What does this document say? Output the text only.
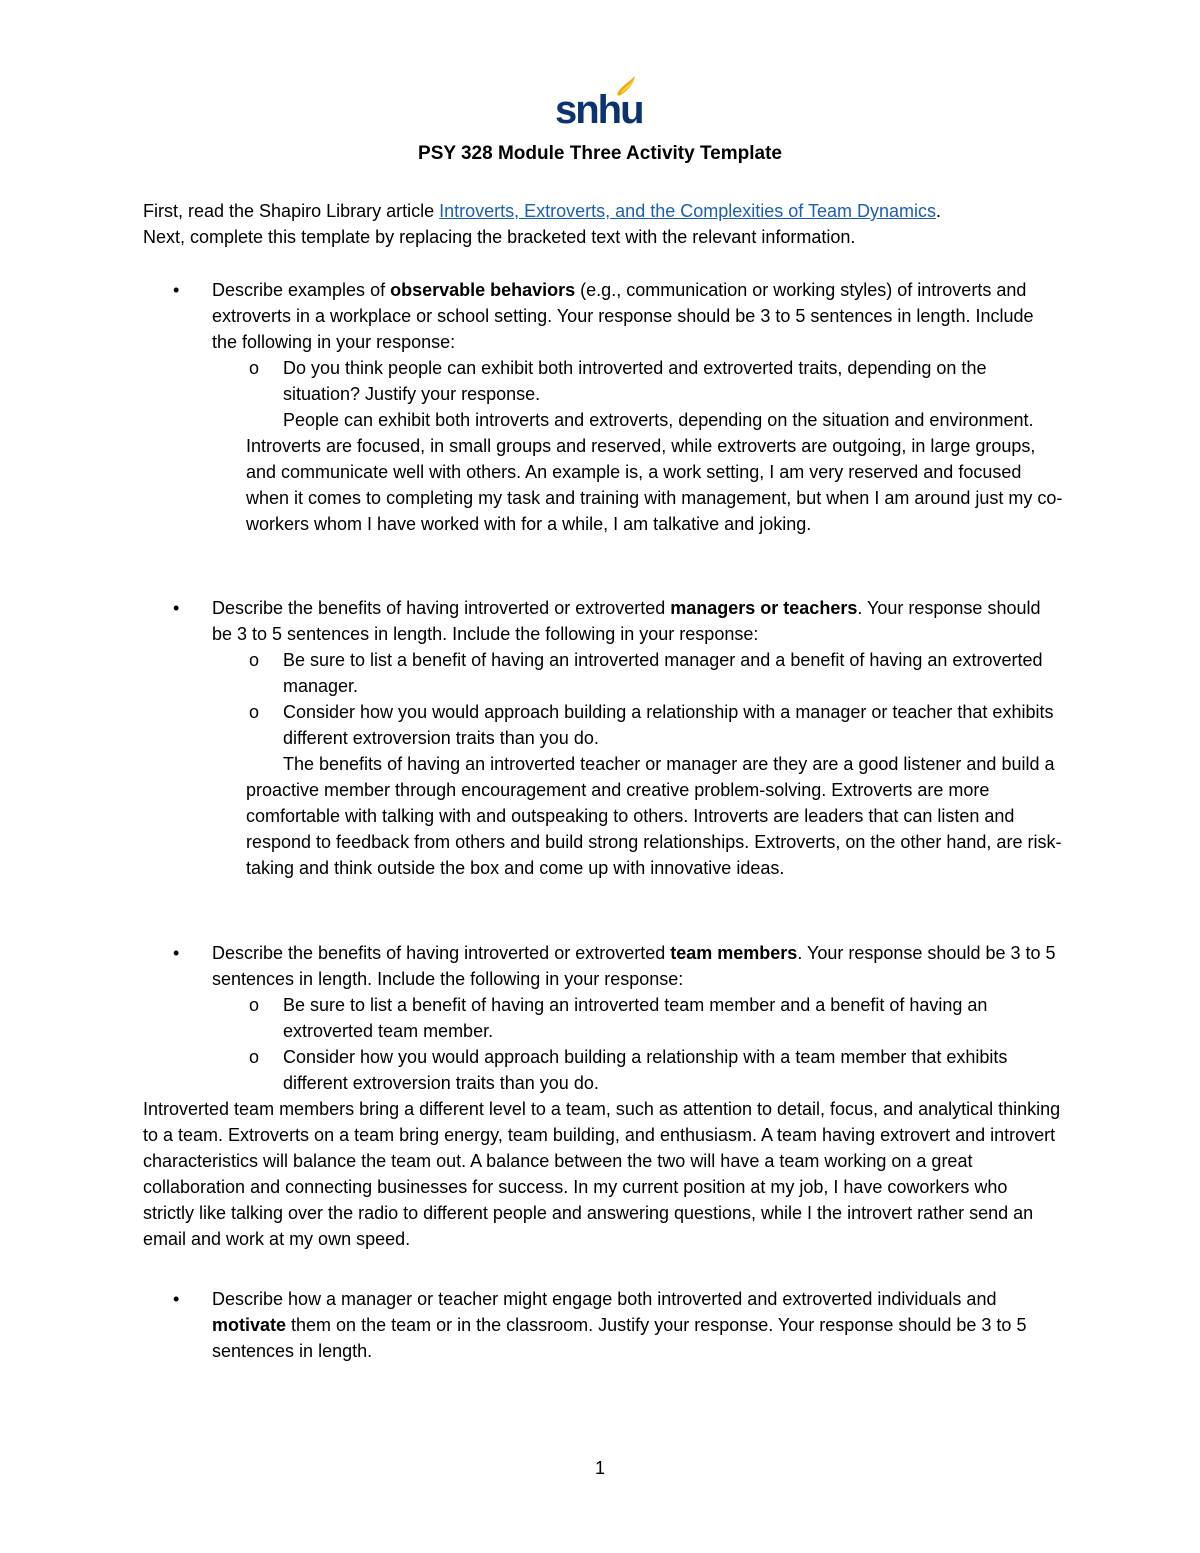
snhu
PSY 328 Module Three Activity Template
First, read the Shapiro Library article Introverts, Extroverts, and the Complexities of Team Dynamics.
Next, complete this template by replacing the bracketed text with the relevant information.
• Describe examples of observable behaviors (e.g., communication or working styles) of introverts and extroverts in a workplace or school setting. Your response should be 3 to 5 sentences in length. Include the following in your response:
o Do you think people can exhibit both introverted and extroverted traits, depending on the situation? Justify your response.
People can exhibit both introverts and extroverts, depending on the situation and environment. Introverts are focused, in small groups and reserved, while extroverts are outgoing, in large groups, and communicate well with others. An example is, a work setting, I am very reserved and focused when it comes to completing my task and training with management, but when I am around just my co-workers whom I have worked with for a while, I am talkative and joking.
• Describe the benefits of having introverted or extroverted managers or teachers. Your response should be 3 to 5 sentences in length. Include the following in your response:
o Be sure to list a benefit of having an introverted manager and a benefit of having an extroverted manager.
o Consider how you would approach building a relationship with a manager or teacher that exhibits different extroversion traits than you do.
The benefits of having an introverted teacher or manager are they are a good listener and build a proactive member through encouragement and creative problem-solving. Extroverts are more comfortable with talking with and outspeaking to others. Introverts are leaders that can listen and respond to feedback from others and build strong relationships. Extroverts, on the other hand, are risk-taking and think outside the box and come up with innovative ideas.
• Describe the benefits of having introverted or extroverted team members. Your response should be 3 to 5 sentences in length. Include the following in your response:
o Be sure to list a benefit of having an introverted team member and a benefit of having an extroverted team member.
o Consider how you would approach building a relationship with a team member that exhibits different extroversion traits than you do.
Introverted team members bring a different level to a team, such as attention to detail, focus, and analytical thinking to a team. Extroverts on a team bring energy, team building, and enthusiasm. A team having extrovert and introvert characteristics will balance the team out. A balance between the two will have a team working on a great collaboration and connecting businesses for success. In my current position at my job, I have coworkers who strictly like talking over the radio to different people and answering questions, while I the introvert rather send an email and work at my own speed.
• Describe how a manager or teacher might engage both introverted and extroverted individuals and motivate them on the team or in the classroom. Justify your response. Your response should be 3 to 5 sentences in length.
1
